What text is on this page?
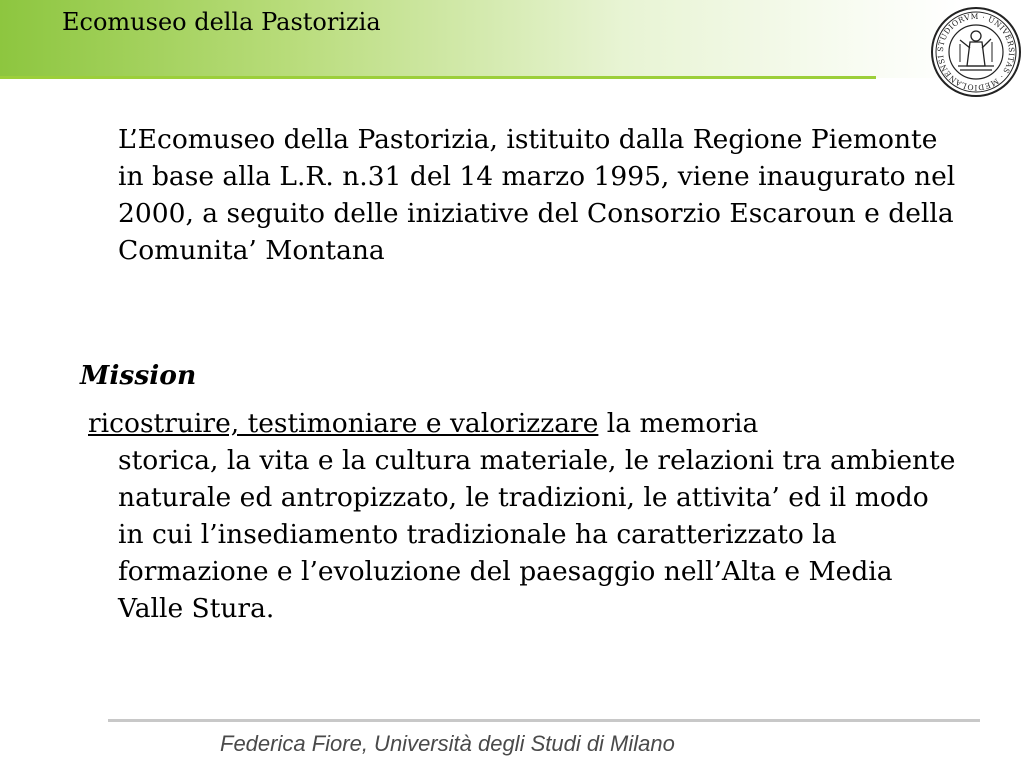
Ecomuseo della Pastorizia
STUDIORVM · UNIVERSITAS · MEDIOLANENSI
L’Ecomuseo della Pastorizia, istituito dalla Regione Piemonte in base alla L.R. n.31 del 14 marzo 1995, viene inaugurato nel 2000, a seguito delle iniziative del Consorzio Escaroun e della Comunita’ Montana
Mission
ricostruire, testimoniare e valorizzare la memoria
storica, la vita e la cultura materiale, le relazioni tra ambiente naturale ed antropizzato, le tradizioni, le attivita’ ed il modo in cui l’insediamento tradizionale ha caratterizzato la formazione e l’evoluzione del paesaggio nell’Alta e Media Valle Stura.
Federica Fiore, Università degli Studi di Milano
